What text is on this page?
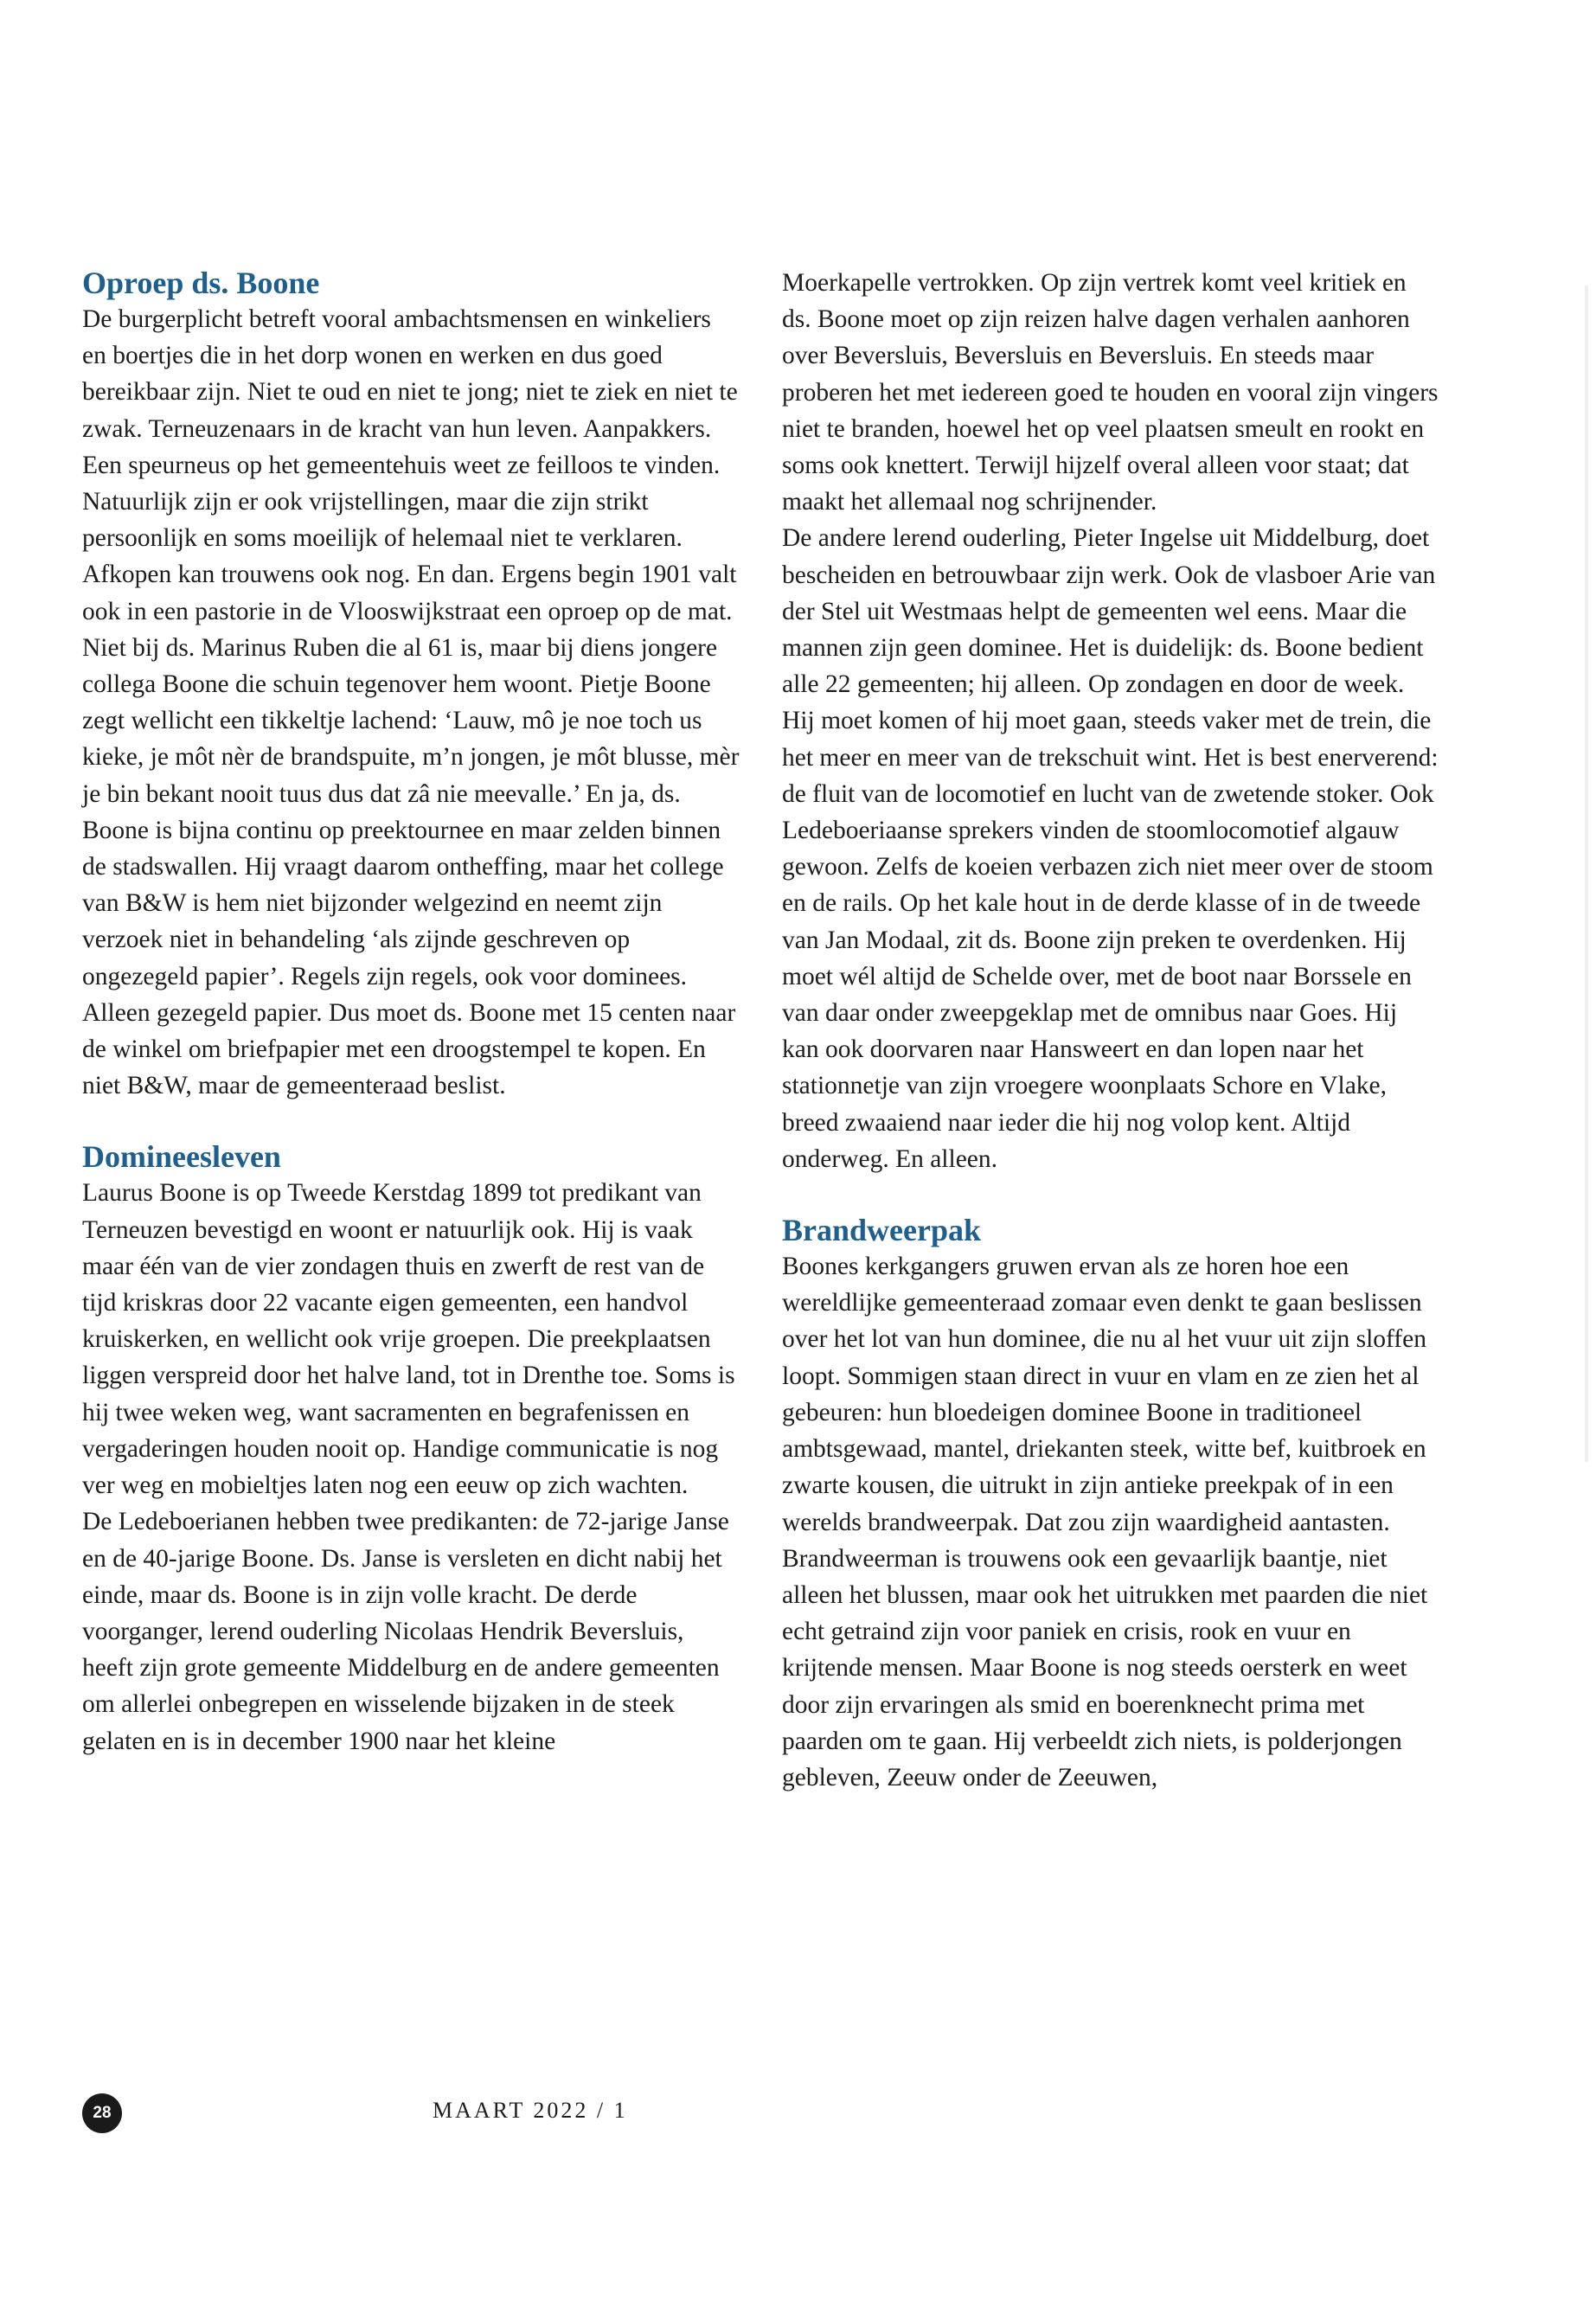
Oproep ds. Boone

De burgerplicht betreft vooral ambachtsmensen en winkeliers en boertjes die in het dorp wonen en werken en dus goed bereikbaar zijn. Niet te oud en niet te jong; niet te ziek en niet te zwak. Terneuzenaars in de kracht van hun leven. Aanpakkers. Een speurneus op het gemeentehuis weet ze feilloos te vinden. Natuurlijk zijn er ook vrijstellingen, maar die zijn strikt persoonlijk en soms moeilijk of helemaal niet te verklaren. Afkopen kan trouwens ook nog. En dan. Ergens begin 1901 valt ook in een pastorie in de Vlooswijkstraat een oproep op de mat. Niet bij ds. Marinus Ruben die al 61 is, maar bij diens jongere collega Boone die schuin tegenover hem woont. Pietje Boone zegt wellicht een tikkeltje lachend: ‘Lauw, mô je noe toch us kieke, je môt nèr de brandspuite, m’n jongen, je môt blusse, mèr je bin bekant nooit tuus dus dat zâ nie meevalle.’ En ja, ds. Boone is bijna continu op preektournee en maar zelden binnen de stadswallen. Hij vraagt daarom ontheffing, maar het college van B&W is hem niet bijzonder welgezind en neemt zijn verzoek niet in behandeling ‘als zijnde geschreven op ongezegeld papier’. Regels zijn regels, ook voor dominees. Alleen gezegeld papier. Dus moet ds. Boone met 15 centen naar de winkel om briefpapier met een droogstempel te kopen. En niet B&W, maar de gemeenteraad beslist.

Domineesleven

Laurus Boone is op Tweede Kerstdag 1899 tot predikant van Terneuzen bevestigd en woont er natuurlijk ook. Hij is vaak maar één van de vier zondagen thuis en zwerft de rest van de tijd kriskras door 22 vacante eigen gemeenten, een handvol kruiskerken, en wellicht ook vrije groepen. Die preekplaatsen liggen verspreid door het halve land, tot in Drenthe toe. Soms is hij twee weken weg, want sacramenten en begrafenissen en vergaderingen houden nooit op. Handige communicatie is nog ver weg en mobieltjes laten nog een eeuw op zich wachten.

De Ledeboerianen hebben twee predikanten: de 72-jarige Janse en de 40-jarige Boone. Ds. Janse is versleten en dicht nabij het einde, maar ds. Boone is in zijn volle kracht. De derde voorganger, lerend ouderling Nicolaas Hendrik Beversluis, heeft zijn grote gemeente Middelburg en de andere gemeenten om allerlei onbegrepen en wisselende bijzaken in de steek gelaten en is in december 1900 naar het kleine

Moerkapelle vertrokken. Op zijn vertrek komt veel kritiek en ds. Boone moet op zijn reizen halve dagen verhalen aanhoren over Beversluis, Beversluis en Beversluis. En steeds maar proberen het met iedereen goed te houden en vooral zijn vingers niet te branden, hoewel het op veel plaatsen smeult en rookt en soms ook knettert. Terwijl hijzelf overal alleen voor staat; dat maakt het allemaal nog schrijnender.

De andere lerend ouderling, Pieter Ingelse uit Middelburg, doet bescheiden en betrouwbaar zijn werk. Ook de vlasboer Arie van der Stel uit Westmaas helpt de gemeenten wel eens. Maar die mannen zijn geen dominee. Het is duidelijk: ds. Boone bedient alle 22 gemeenten; hij alleen. Op zondagen en door de week. Hij moet komen of hij moet gaan, steeds vaker met de trein, die het meer en meer van de trekschuit wint. Het is best enerverend: de fluit van de locomotief en lucht van de zwetende stoker. Ook Ledeboeriaanse sprekers vinden de stoomlocomotief algauw gewoon. Zelfs de koeien verbazen zich niet meer over de stoom en de rails. Op het kale hout in de derde klasse of in de tweede van Jan Modaal, zit ds. Boone zijn preken te overdenken. Hij moet wél altijd de Schelde over, met de boot naar Borssele en van daar onder zweepgeklap met de omnibus naar Goes. Hij kan ook doorvaren naar Hansweert en dan lopen naar het stationnetje van zijn vroegere woonplaats Schore en Vlake, breed zwaaiend naar ieder die hij nog volop kent. Altijd onderweg. En alleen.

Brandweerpak

Boones kerkgangers gruwen ervan als ze horen hoe een wereldlijke gemeenteraad zomaar even denkt te gaan beslissen over het lot van hun dominee, die nu al het vuur uit zijn sloffen loopt. Sommigen staan direct in vuur en vlam en ze zien het al gebeuren: hun bloedeigen dominee Boone in traditioneel ambtsgewaad, mantel, driekanten steek, witte bef, kuitbroek en zwarte kousen, die uitrukt in zijn antieke preekpak of in een werelds brandweerpak. Dat zou zijn waardigheid aantasten. Brandweerman is trouwens ook een gevaarlijk baantje, niet alleen het blussen, maar ook het uitrukken met paarden die niet echt getraind zijn voor paniek en crisis, rook en vuur en krijtende mensen. Maar Boone is nog steeds oersterk en weet door zijn ervaringen als smid en boerenknecht prima met paarden om te gaan. Hij verbeeldt zich niets, is polderjongen gebleven, Zeeuw onder de Zeeuwen,

28	MAART 2022 / 1
